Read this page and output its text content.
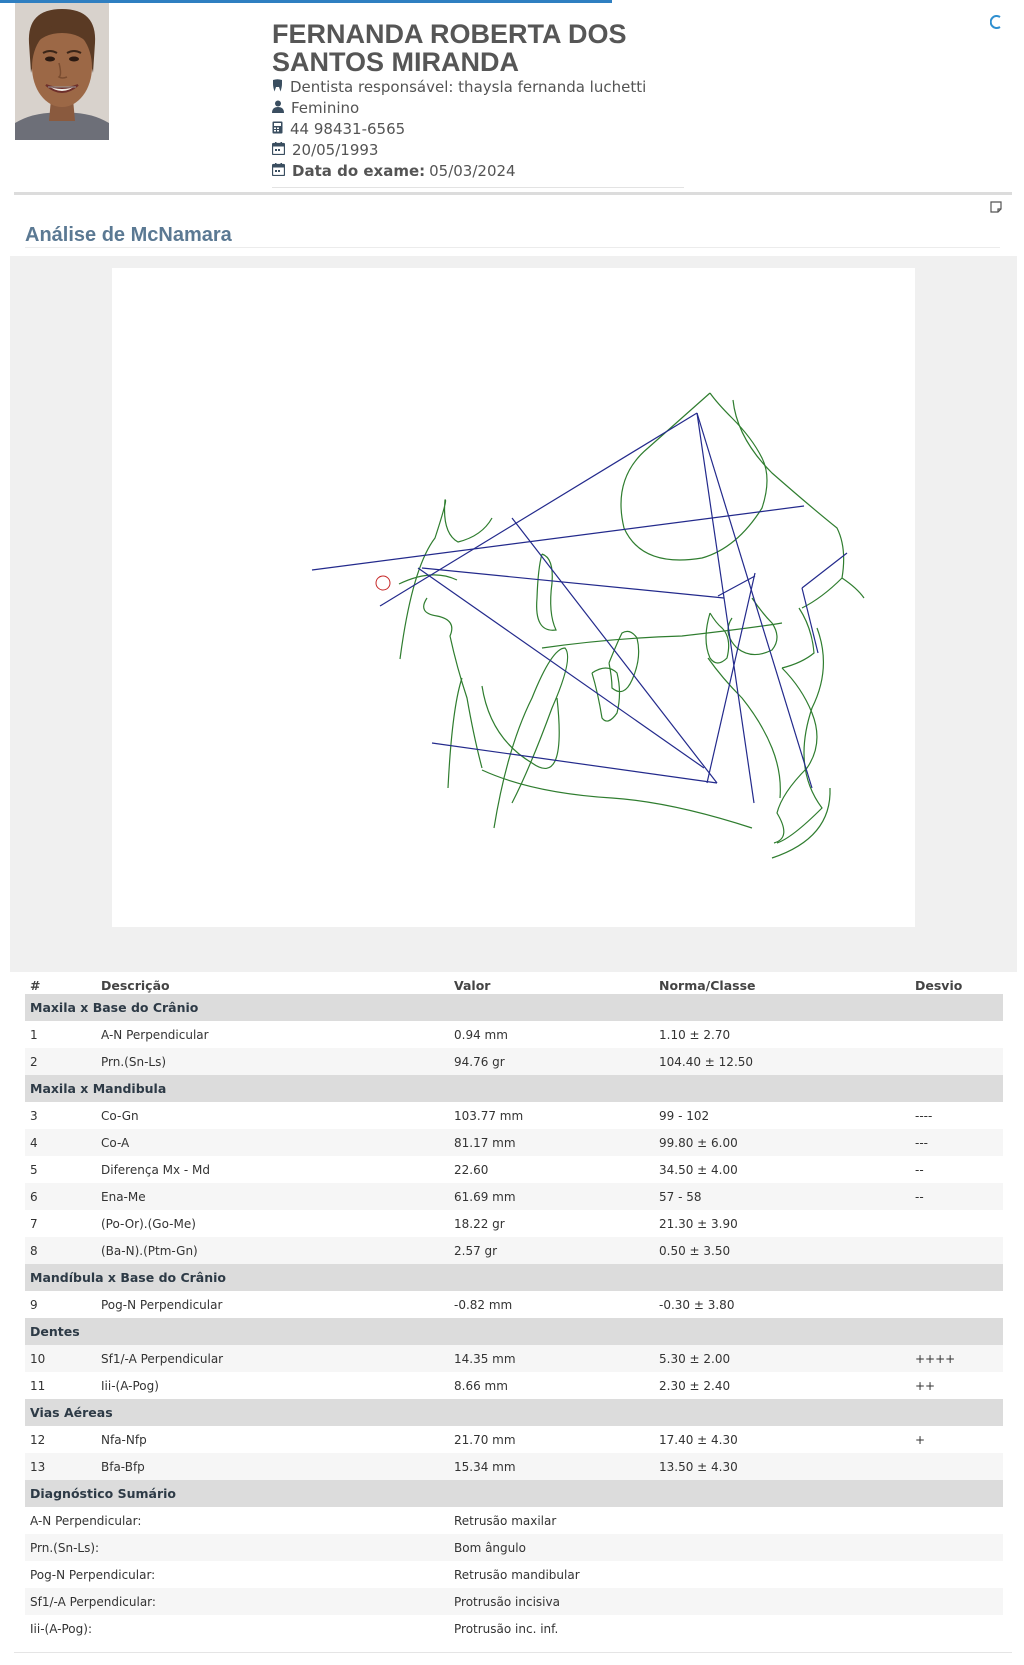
FERNANDA ROBERTA DOS SANTOS MIRANDA
Dentista responsável: thaysla fernanda luchetti
Feminino
44 98431-6565
20/05/1993
Data do exame: 05/03/2024
Análise de McNamara
#	Descrição	Valor	Norma/Classe	Desvio
Maxila x Base do Crânio				
1	A-N Perpendicular	0.94 mm	1.10 ± 2.70	
2	Prn.(Sn-Ls)	94.76 gr	104.40 ± 12.50	
Maxila x Mandibula				
3	Co-Gn	103.77 mm	99 - 102	----
4	Co-A	81.17 mm	99.80 ± 6.00	---
5	Diferença Mx - Md	22.60	34.50 ± 4.00	--
6	Ena-Me	61.69 mm	57 - 58	--
7	(Po-Or).(Go-Me)	18.22 gr	21.30 ± 3.90	
8	(Ba-N).(Ptm-Gn)	2.57 gr	0.50 ± 3.50	
Mandíbula x Base do Crânio				
9	Pog-N Perpendicular	-0.82 mm	-0.30 ± 3.80	
Dentes				
10	Sf1/-A Perpendicular	14.35 mm	5.30 ± 2.00	++++
11	Iii-(A-Pog)	8.66 mm	2.30 ± 2.40	++
Vias Aéreas				
12	Nfa-Nfp	21.70 mm	17.40 ± 4.30	+
13	Bfa-Bfp	15.34 mm	13.50 ± 4.30	
Diagnóstico Sumário				
A-N Perpendicular:		Retrusão maxilar		
Prn.(Sn-Ls):		Bom ângulo		
Pog-N Perpendicular:		Retrusão mandibular		
Sf1/-A Perpendicular:		Protrusão incisiva		
Iii-(A-Pog):		Protrusão inc. inf.		
